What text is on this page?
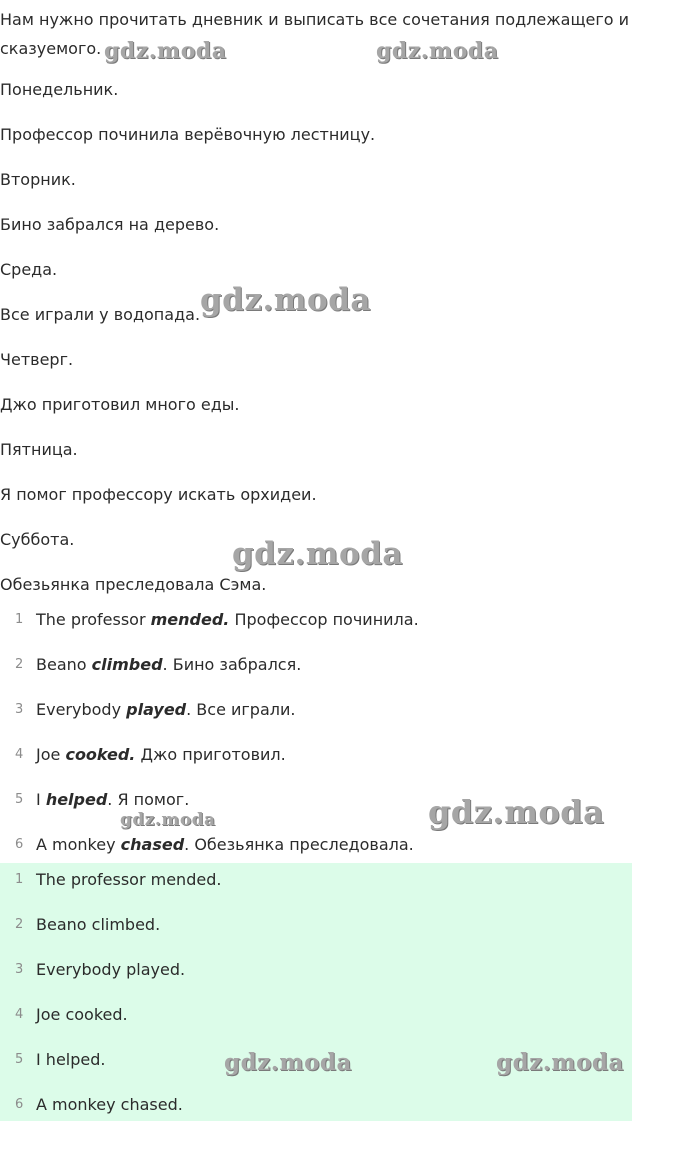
Нам нужно прочитать дневник и выписать все сочетания подлежащего и сказуемого.
Понедельник.
Профессор починила верёвочную лестницу.
Вторник.
Бино забрался на дерево.
Среда.
Все играли у водопада.
Четверг.
Джо приготовил много еды.
Пятница.
Я помог профессору искать орхидеи.
Суббота.
Обезьянка преследовала Сэма.
1 The professor mended. Профессор починила.
2 Beano climbed. Бино забрался.
3 Everybody played. Все играли.
4 Joe cooked. Джо приготовил.
5 I helped. Я помог.
6 A monkey chased. Обезьянка преследовала.
1 The professor mended.
2 Beano climbed.
3 Everybody played.
4 Joe cooked.
5 I helped.
6 A monkey chased.
gdz.moda	gdz.moda
gdz.moda
gdz.moda
gdz.moda	gdz.moda
gdz.moda	gdz.moda
